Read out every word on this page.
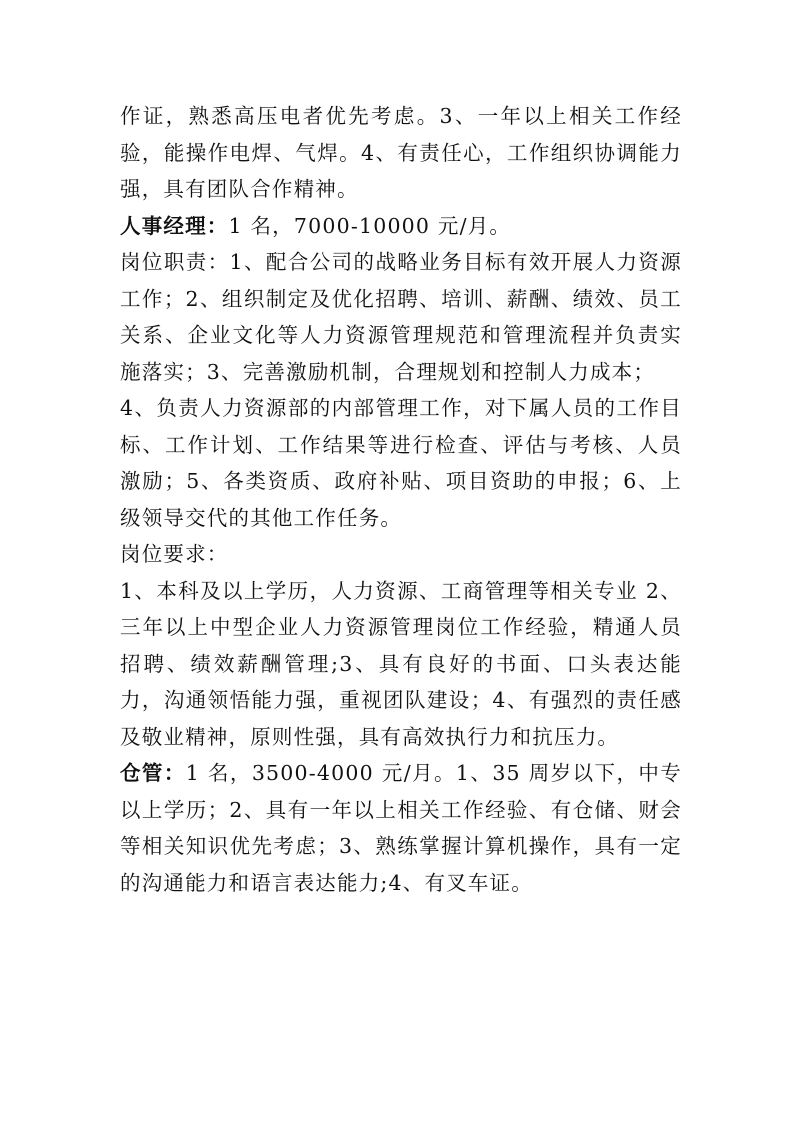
作证，熟悉高压电者优先考虑。3、一年以上相关工作经验，能操作电焊、气焊。4、有责任心，工作组织协调能力强，具有团队合作精神。

人事经理：1 名，7000-10000 元/月。

岗位职责：1、配合公司的战略业务目标有效开展人力资源工作；2、组织制定及优化招聘、培训、薪酬、绩效、员工关系、企业文化等人力资源管理规范和管理流程并负责实施落实；3、完善激励机制，合理规划和控制人力成本；

4、负责人力资源部的内部管理工作，对下属人员的工作目标、工作计划、工作结果等进行检查、评估与考核、人员激励；5、各类资质、政府补贴、项目资助的申报；6、上级领导交代的其他工作任务。

岗位要求：

1、本科及以上学历，人力资源、工商管理等相关专业 2、三年以上中型企业人力资源管理岗位工作经验，精通人员招聘、绩效薪酬管理;3、具有良好的书面、口头表达能力，沟通领悟能力强，重视团队建设；4、有强烈的责任感及敬业精神，原则性强，具有高效执行力和抗压力。

仓管：1 名，3500-4000 元/月。1、35 周岁以下，中专以上学历；2、具有一年以上相关工作经验、有仓储、财会等相关知识优先考虑；3、熟练掌握计算机操作，具有一定的沟通能力和语言表达能力;4、有叉车证。
